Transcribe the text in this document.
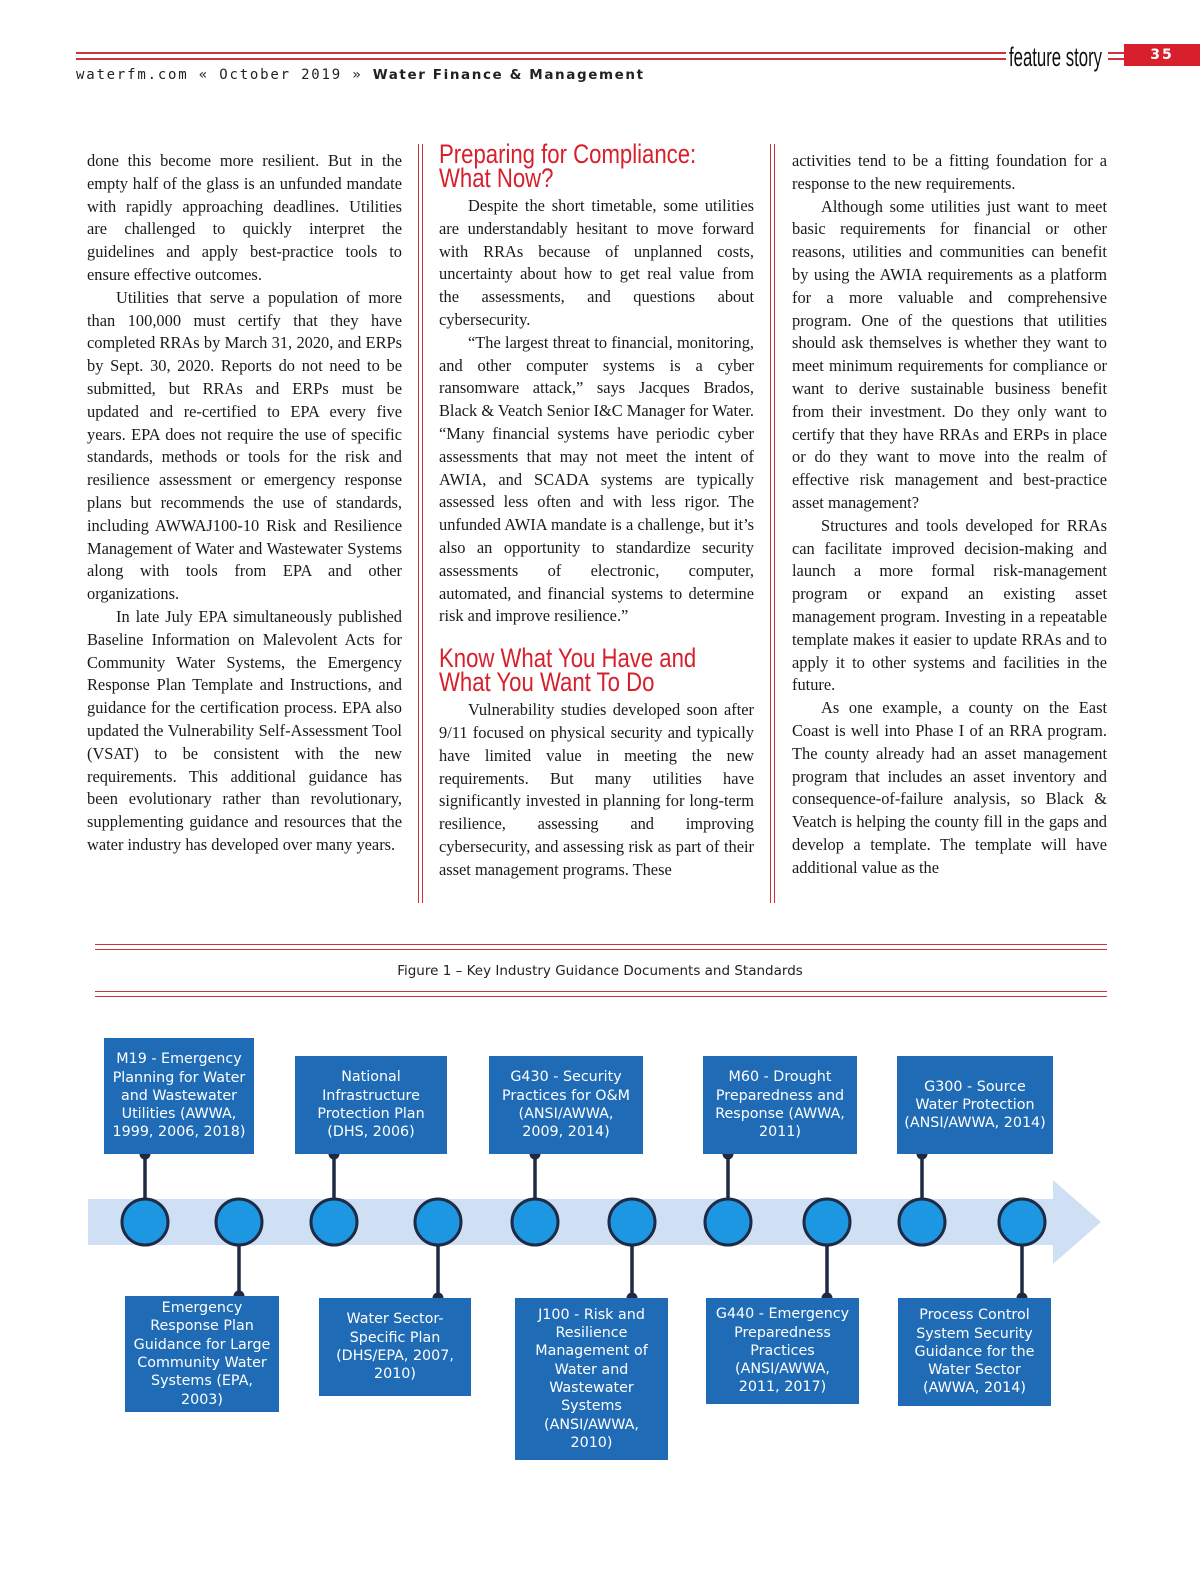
waterfm.com « October 2019 » Water Finance & Management
feature story	35

done this become more resilient. But in the empty half of the glass is an unfunded mandate with rapidly approaching deadlines. Utilities are challenged to quickly interpret the guidelines and apply best-practice tools to ensure effective outcomes.

Utilities that serve a population of more than 100,000 must certify that they have completed RRAs by March 31, 2020, and ERPs by Sept. 30, 2020. Reports do not need to be submitted, but RRAs and ERPs must be updated and re-certified to EPA every five years. EPA does not require the use of specific standards, methods or tools for the risk and resilience assessment or emergency response plans but recommends the use of standards, including AWWAJ100-10 Risk and Resilience Management of Water and Wastewater Systems along with tools from EPA and other organizations.

In late July EPA simultaneously published Baseline Information on Malevolent Acts for Community Water Systems, the Emergency Response Plan Template and Instructions, and guidance for the certification process. EPA also updated the Vulnerability Self-Assessment Tool (VSAT) to be consistent with the new requirements. This additional guidance has been evolutionary rather than revolutionary, supplementing guidance and resources that the water industry has developed over many years.

Preparing for Compliance:
What Now?

Despite the short timetable, some utilities are understandably hesitant to move forward with RRAs because of unplanned costs, uncertainty about how to get real value from the assessments, and questions about cybersecurity.

“The largest threat to financial, monitoring, and other computer systems is a cyber ransomware attack,” says Jacques Brados, Black & Veatch Senior I&C Manager for Water. “Many financial systems have periodic cyber assessments that may not meet the intent of AWIA, and SCADA systems are typically assessed less often and with less rigor. The unfunded AWIA mandate is a challenge, but it’s also an opportunity to standardize security assessments of electronic, computer, automated, and financial systems to determine risk and improve resilience.”

Know What You Have and
What You Want To Do

Vulnerability studies developed soon after 9/11 focused on physical security and typically have limited value in meeting the new requirements. But many utilities have significantly invested in planning for long-term resilience, assessing and improving cybersecurity, and assessing risk as part of their asset management programs. These

activities tend to be a fitting foundation for a response to the new requirements.

Although some utilities just want to meet basic requirements for financial or other reasons, utilities and communities can benefit by using the AWIA requirements as a platform for a more valuable and comprehensive program. One of the questions that utilities should ask themselves is whether they want to meet minimum requirements for compliance or want to derive sustainable business benefit from their investment. Do they only want to certify that they have RRAs and ERPs in place or do they want to move into the realm of effective risk management and best-practice asset management?

Structures and tools developed for RRAs can facilitate improved decision-making and launch a more formal risk-management program or expand an existing asset management program. Investing in a repeatable template makes it easier to update RRAs and to apply it to other systems and facilities in the future.

As one example, a county on the East Coast is well into Phase I of an RRA program. The county already had an asset management program that includes an asset inventory and consequence-of-failure analysis, so Black & Veatch is helping the county fill in the gaps and develop a template. The template will have additional value as the

Figure 1 – Key Industry Guidance Documents and Standards
M19 - Emergency
Planning for Water
and Wastewater
Utilities (AWWA,
1999, 2006, 2018)
National
Infrastructure
Protection Plan
(DHS, 2006)
G430 - Security
Practices for O&M
(ANSI/AWWA,
2009, 2014)
M60 - Drought
Preparedness and
Response (AWWA,
2011)
G300 - Source
Water Protection
(ANSI/AWWA, 2014)
Emergency
Response Plan
Guidance for Large
Community Water
Systems (EPA, 2003)
Water Sector-
Specific Plan
(DHS/EPA, 2007,
2010)
J100 - Risk and
Resilience
Management of
Water and
Wastewater
Systems
(ANSI/AWWA,
2010)
G440 - Emergency
Preparedness
Practices
(ANSI/AWWA,
2011, 2017)
Process Control
System Security
Guidance for the
Water Sector
(AWWA, 2014)
